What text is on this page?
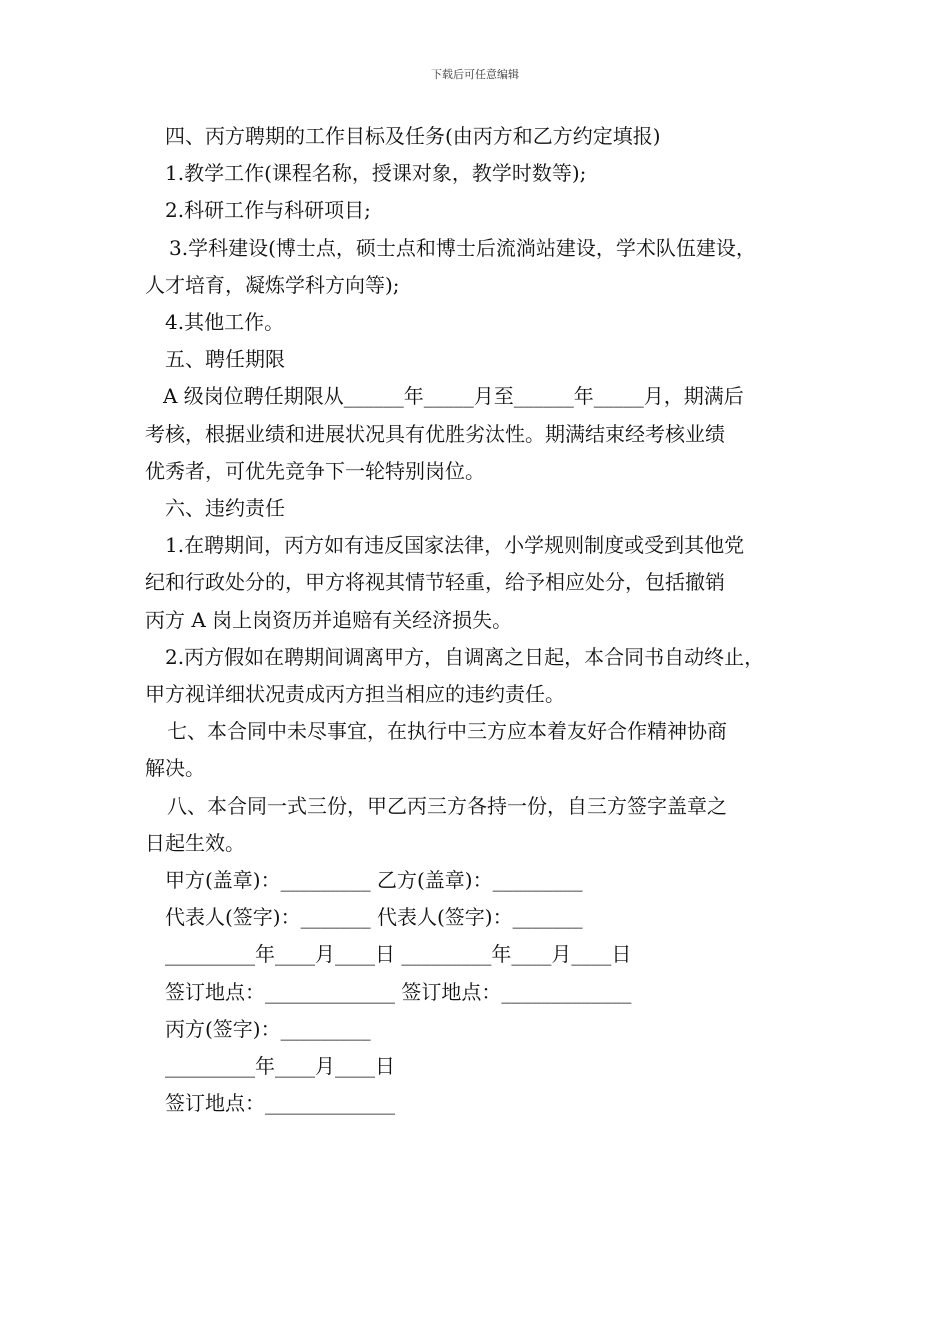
下载后可任意编辑
四、丙方聘期的工作目标及任务(由丙方和乙方约定填报)
1.教学工作(课程名称，授课对象，教学时数等);
2.科研工作与科研项目;
3.学科建设(博士点，硕士点和博士后流淌站建设，学术队伍建设，
人才培育，凝炼学科方向等);
4.其他工作。
五、聘任期限
A 级岗位聘任期限从______年_____月至______年_____月，期满后
考核，根据业绩和进展状况具有优胜劣汰性。期满结束经考核业绩
优秀者，可优先竞争下一轮特别岗位。
六、违约责任
1.在聘期间，丙方如有违反国家法律，小学规则制度或受到其他党
纪和行政处分的，甲方将视其情节轻重，给予相应处分，包括撤销
丙方 A 岗上岗资历并追赔有关经济损失。
2.丙方假如在聘期间调离甲方，自调离之日起，本合同书自动终止，
甲方视详细状况责成丙方担当相应的违约责任。
七、本合同中未尽事宜，在执行中三方应本着友好合作精神协商
解决。
八、本合同一式三份，甲乙丙三方各持一份，自三方签字盖章之
日起生效。
甲方(盖章)：_________ 乙方(盖章)：_________
代表人(签字)：_______ 代表人(签字)：_______
_________年____月____日 _________年____月____日
签订地点：_____________ 签订地点：_____________
丙方(签字)：_________
_________年____月____日
签订地点：_____________
